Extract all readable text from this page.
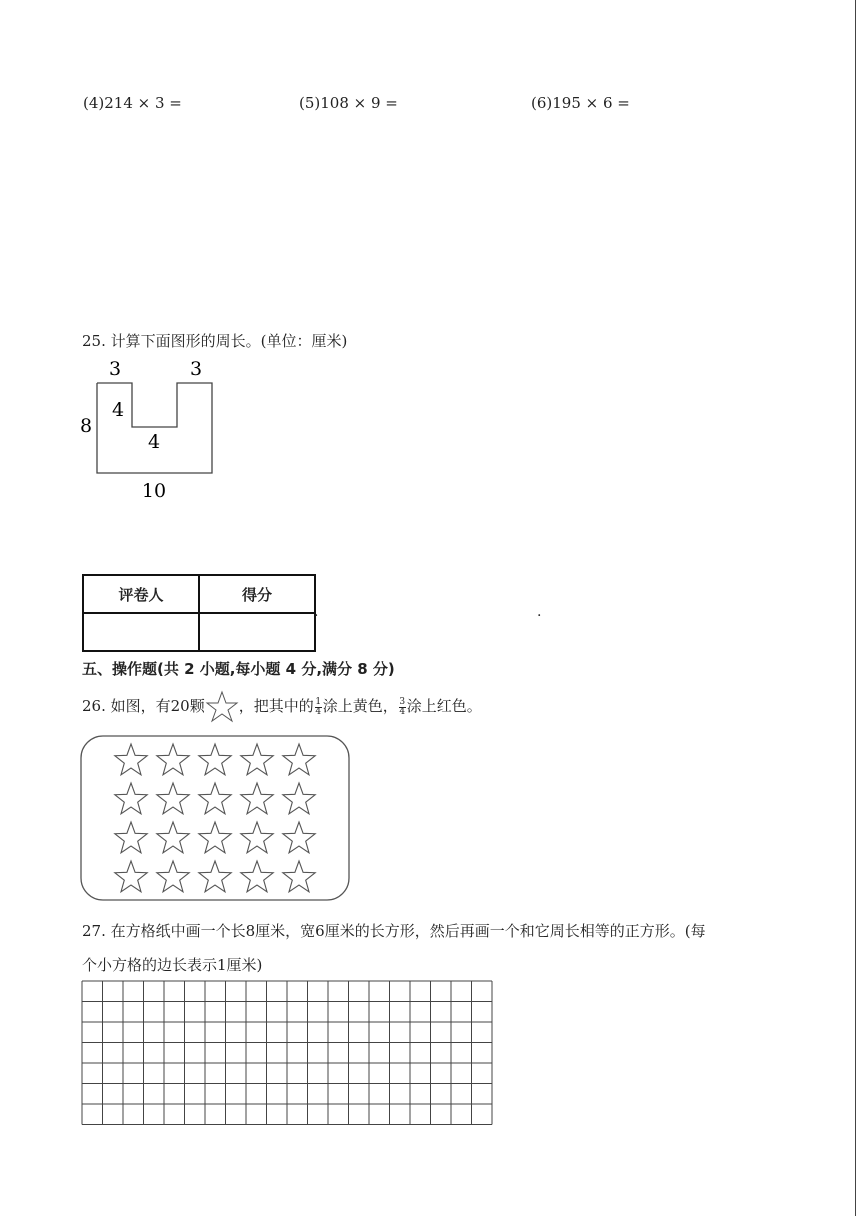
(4)214 × 3 =	(5)108 × 9 =	(6)195 × 6 =
25. 计算下面图形的周长。(单位：厘米)
3	3
8
4
4
10
评卷人	得分

.	.
五、操作题(共 2 小题,每小题 4 分,满分 8 分)
26. 如图，有20颗 ，把其中的 $\frac{1}{4}$ 涂上黄色， $\frac{3}{4}$ 涂上红色。
27. 在方格纸中画一个长8厘米，宽6厘米的长方形，然后再画一个和它周长相等的正方形。(每
个小方格的边长表示1厘米)
